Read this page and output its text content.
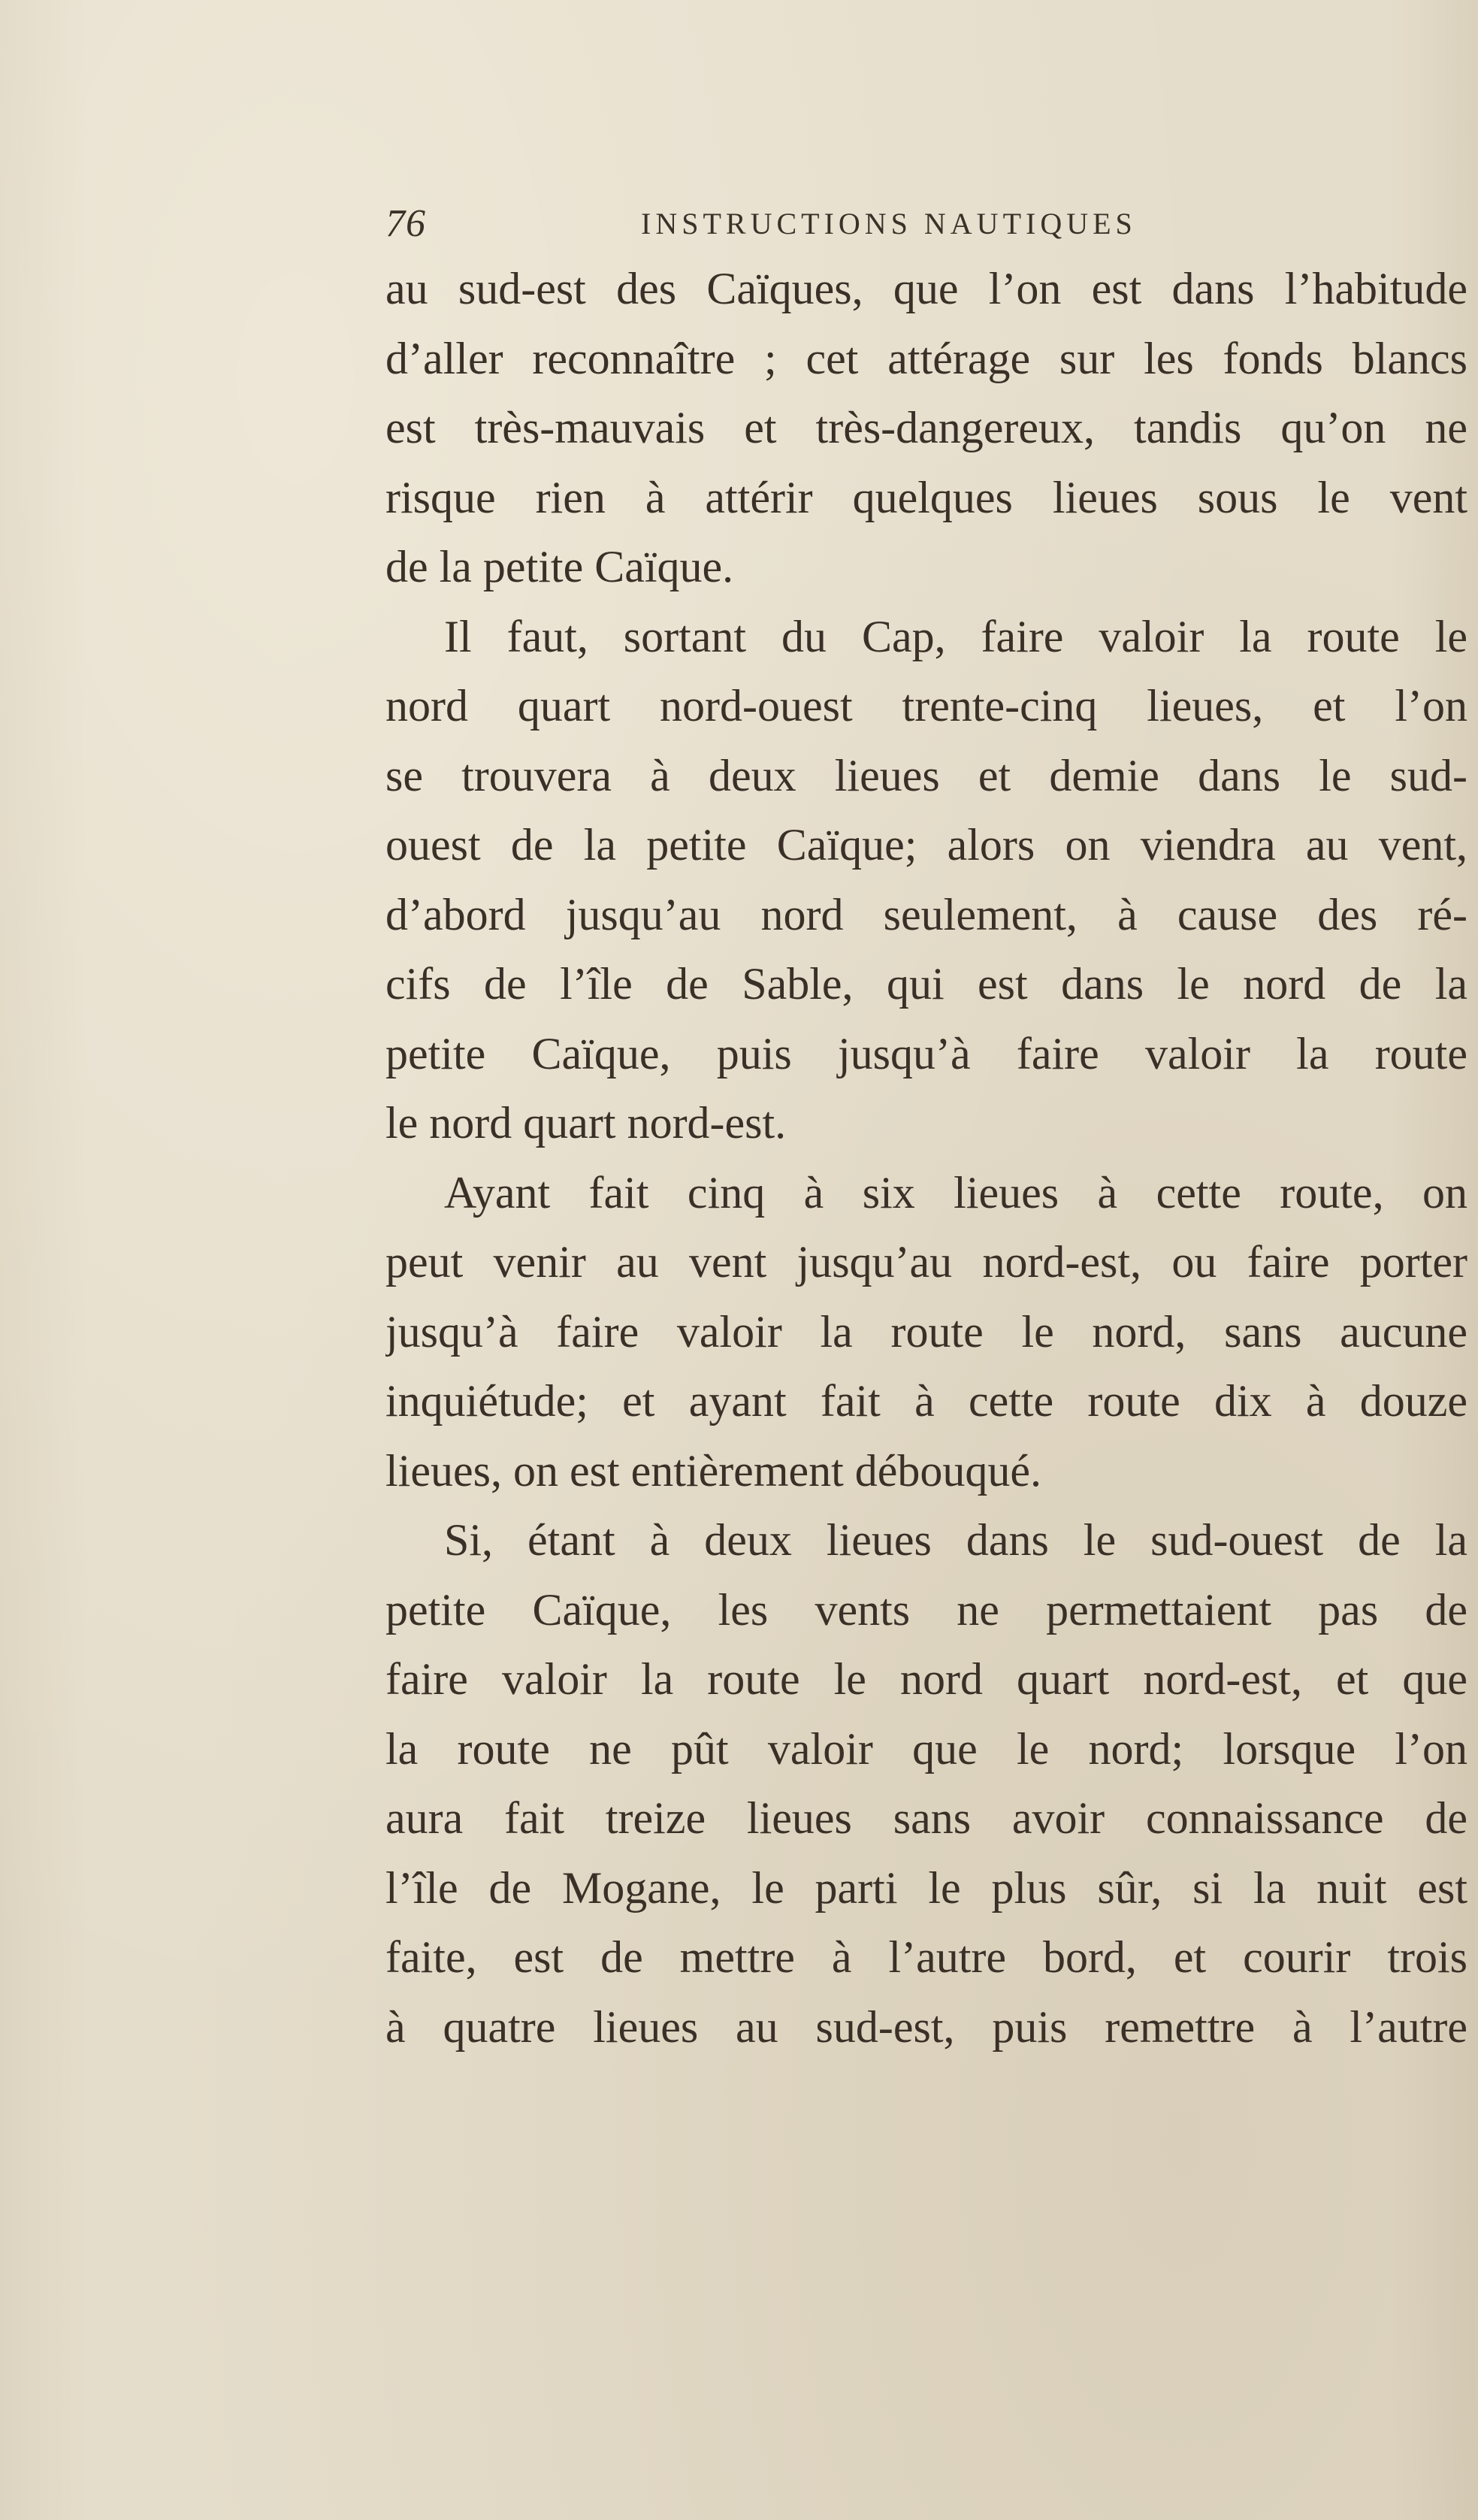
76	INSTRUCTIONS NAUTIQUES
au sud-est des Caïques, que l’on est dans l’habitude
d’aller reconnaître ; cet attérage sur les fonds blancs
est très-mauvais et très-dangereux, tandis qu’on ne
risque rien à attérir quelques lieues sous le vent
de la petite Caïque.
Il faut, sortant du Cap, faire valoir la route le
nord quart nord-ouest trente-cinq lieues, et l’on
se trouvera à deux lieues et demie dans le sud-
ouest de la petite Caïque; alors on viendra au vent,
d’abord jusqu’au nord seulement, à cause des ré-
cifs de l’île de Sable, qui est dans le nord de la
petite Caïque, puis jusqu’à faire valoir la route
le nord quart nord-est.
Ayant fait cinq à six lieues à cette route, on
peut venir au vent jusqu’au nord-est, ou faire porter
jusqu’à faire valoir la route le nord, sans aucune
inquiétude; et ayant fait à cette route dix à douze
lieues, on est entièrement débouqué.
Si, étant à deux lieues dans le sud-ouest de la
petite Caïque, les vents ne permettaient pas de
faire valoir la route le nord quart nord-est, et que
la route ne pût valoir que le nord; lorsque l’on
aura fait treize lieues sans avoir connaissance de
l’île de Mogane, le parti le plus sûr, si la nuit est
faite, est de mettre à l’autre bord, et courir trois
à quatre lieues au sud-est, puis remettre à l’autre
